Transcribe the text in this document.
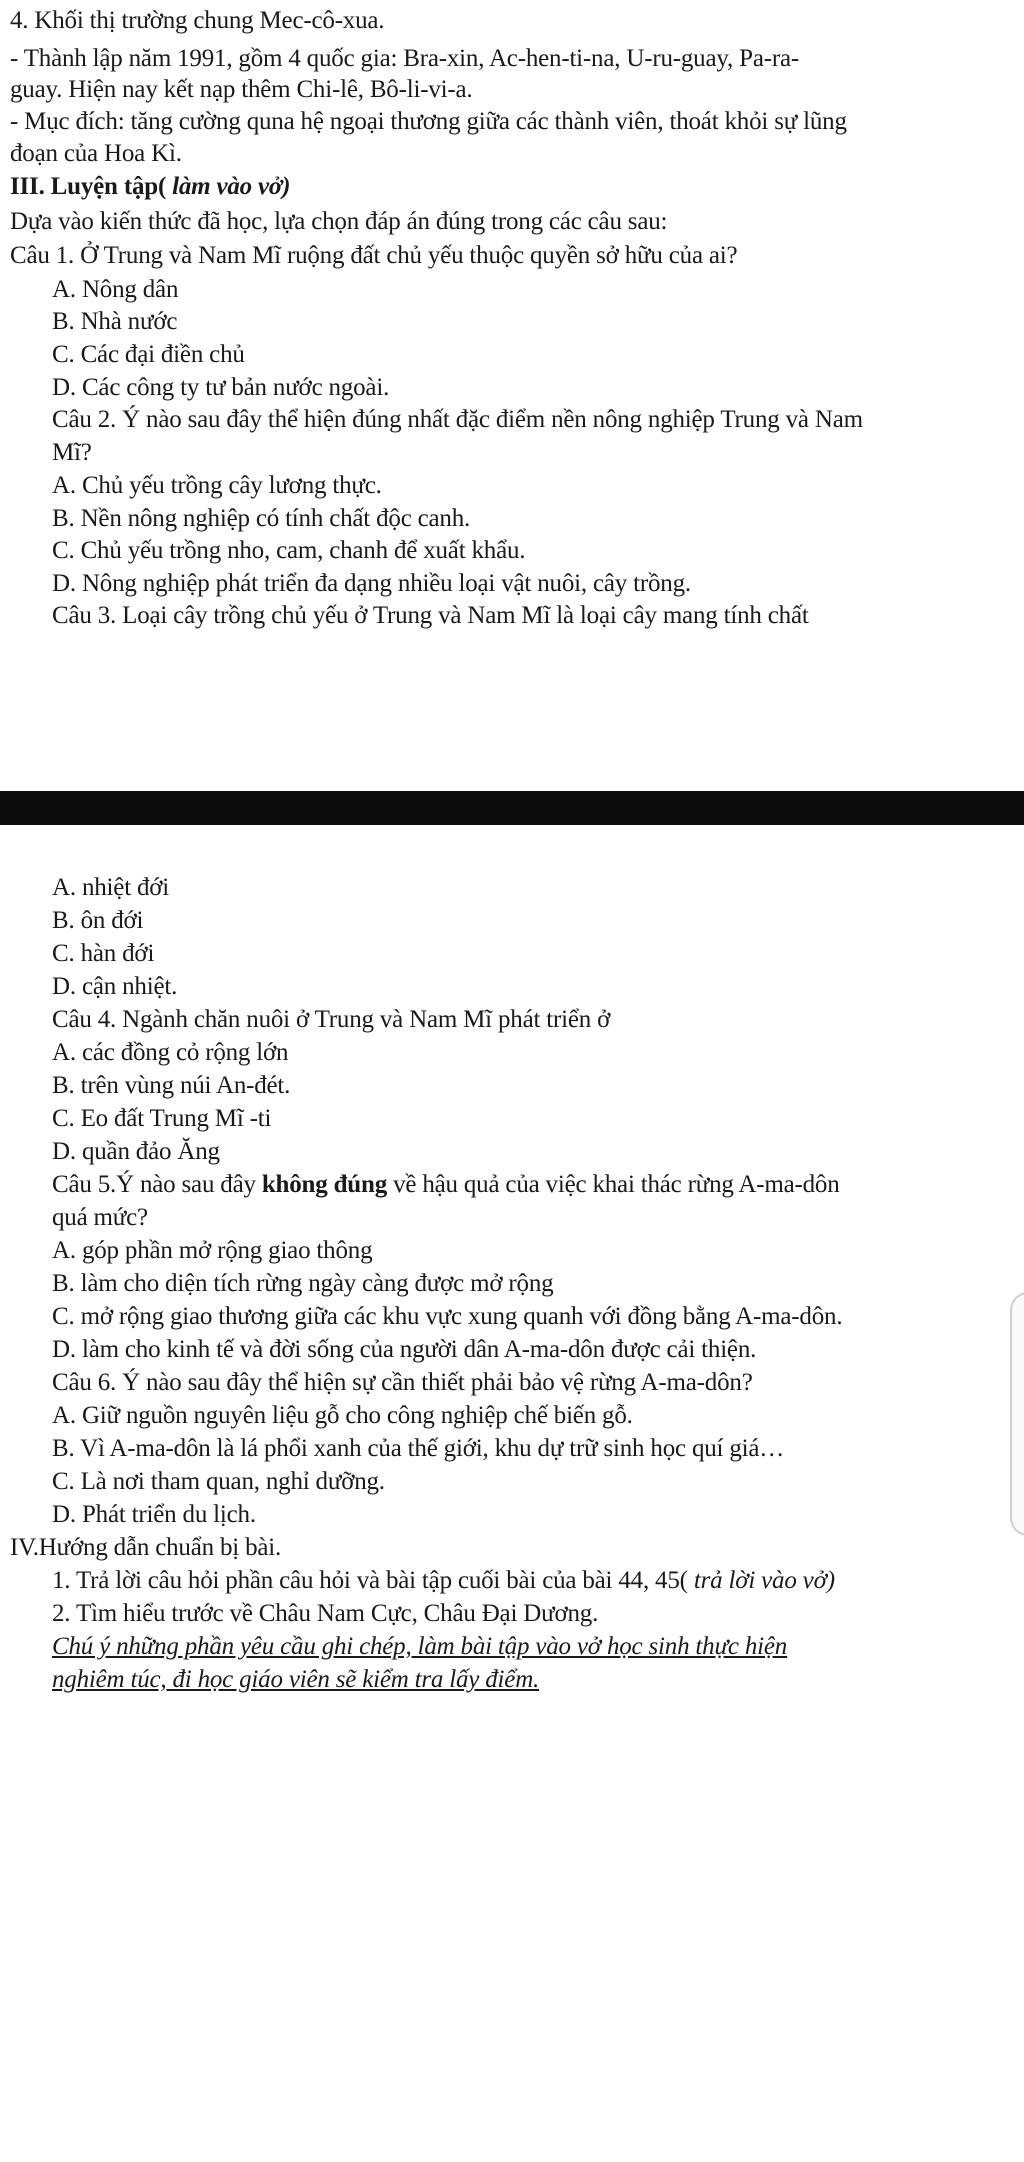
4. Khối thị trường chung Mec-cô-xua.
- Thành lập năm 1991, gồm 4 quốc gia: Bra-xin, Ac-hen-ti-na, U-ru-guay, Pa-ra-
guay. Hiện nay kết nạp thêm Chi-lê, Bô-li-vi-a.
- Mục đích: tăng cường quna hệ ngoại thương giữa các thành viên, thoát khỏi sự lũng
đoạn của Hoa Kì.
III. Luyện tập( làm vào vở)
Dựa vào kiến thức đã học, lựa chọn đáp án đúng trong các câu sau:
Câu 1. Ở Trung và Nam Mĩ ruộng đất chủ yếu thuộc quyền sở hữu của ai?
A. Nông dân
B. Nhà nước
C. Các đại điền chủ
D. Các công ty tư bản nước ngoài.
Câu 2. Ý nào sau đây thể hiện đúng nhất đặc điểm nền nông nghiệp Trung và Nam
Mĩ?
A. Chủ yếu trồng cây lương thực.
B. Nền nông nghiệp có tính chất độc canh.
C. Chủ yếu trồng nho, cam, chanh để xuất khẩu.
D. Nông nghiệp phát triển đa dạng nhiều loại vật nuôi, cây trồng.
Câu 3. Loại cây trồng chủ yếu ở Trung và Nam Mĩ là loại cây mang tính chất
A. nhiệt đới
B. ôn đới
C. hàn đới
D. cận nhiệt.
Câu 4. Ngành chăn nuôi ở Trung và Nam Mĩ phát triển ở
A. các đồng cỏ rộng lớn
B. trên vùng núi An-đét.
C. Eo đất Trung Mĩ -ti
D. quần đảo Ăng
Câu 5.Ý nào sau đây không đúng về hậu quả của việc khai thác rừng A-ma-dôn
quá mức?
A. góp phần mở rộng giao thông
B. làm cho diện tích rừng ngày càng được mở rộng
C. mở rộng giao thương giữa các khu vực xung quanh với đồng bằng A-ma-dôn.
D. làm cho kinh tế và đời sống của người dân A-ma-dôn được cải thiện.
Câu 6. Ý nào sau đây thể hiện sự cần thiết phải bảo vệ rừng A-ma-dôn?
A. Giữ nguồn nguyên liệu gỗ cho công nghiệp chế biến gỗ.
B. Vì A-ma-dôn là lá phổi xanh của thế giới, khu dự trữ sinh học quí giá…
C. Là nơi tham quan, nghỉ dưỡng.
D. Phát triển du lịch.
IV.Hướng dẫn chuẩn bị bài.
1. Trả lời câu hỏi phần câu hỏi và bài tập cuối bài của bài 44, 45( trả lời vào vở)
2. Tìm hiểu trước về Châu Nam Cực, Châu Đại Dương.
Chú ý những phần yêu cầu ghi chép, làm bài tập vào vở học sinh thực hiện
nghiêm túc, đi học giáo viên sẽ kiểm tra lấy điểm.
